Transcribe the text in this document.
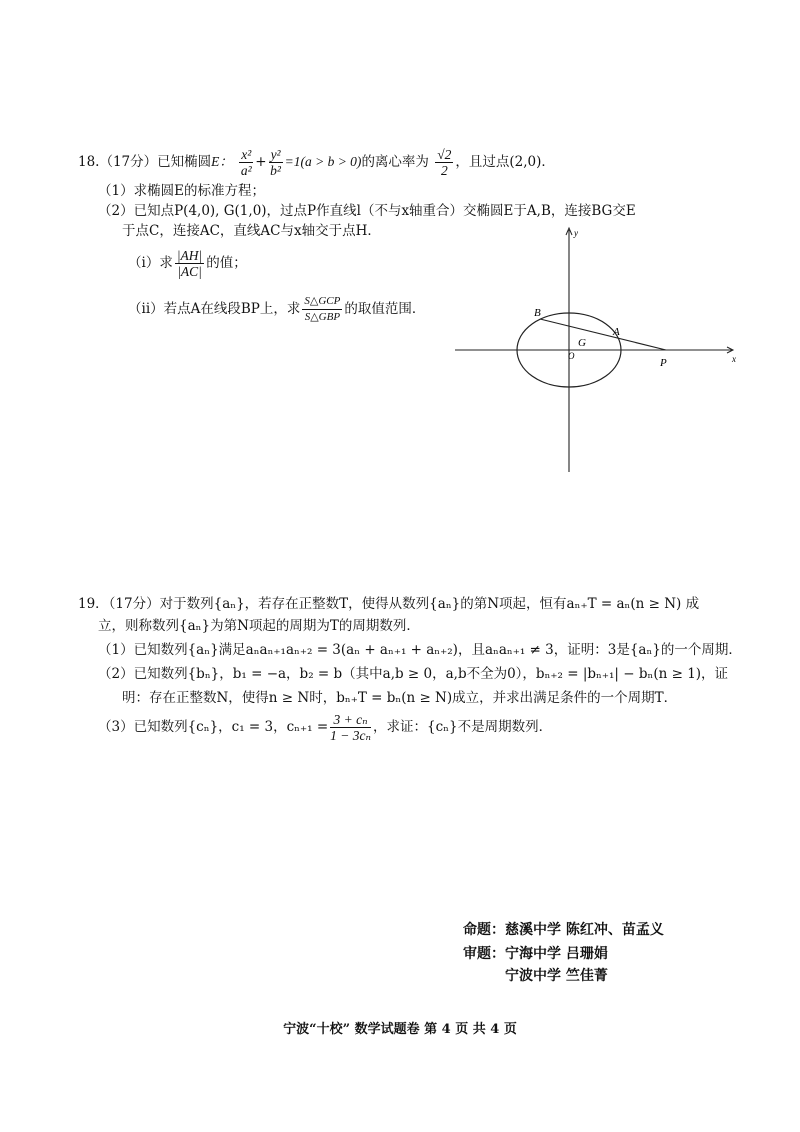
18.（17分）已知椭圆E： $\frac{\text{x²}}{\text{a²}} + \frac{\text{y²}}{\text{b²}} =1(a > b > 0)$的离心率为 $\frac{√2}{2}$ ，且过点(2,0)．
（1）求椭圆E的标准方程；
（2）已知点P(4,0), G(1,0)，过点P作直线l（不与x轴重合）交椭圆E于A,B，连接BG交E
于点C，连接AC，直线AC与x轴交于点H．
（i）求 $\frac{|AH|}{|AC|}$ 的值；
（ii）若点A在线段BP上，求 $\frac{\text{S△GCP}}{\text{S△GBP}}$ 的取值范围．
y
x
O
B
A
G
P
19．（17分）对于数列{aₙ}，若存在正整数T，使得从数列{aₙ}的第N项起，恒有aₙ₊T = aₙ(n ≥ N) 成
立，则称数列{aₙ}为第N项起的周期为T的周期数列．
（1）已知数列{aₙ}满足aₙaₙ₊₁aₙ₊₂ = 3(aₙ + aₙ₊₁ + aₙ₊₂)，且aₙaₙ₊₁ ≠ 3，证明：3是{aₙ}的一个周期．
（2）已知数列{bₙ}，b₁ = −a，b₂ = b（其中a,b ≥ 0，a,b不全为0），bₙ₊₂ = |bₙ₊₁| − bₙ(n ≥ 1)，证
明：存在正整数N，使得n ≥ N时，bₙ₊T = bₙ(n ≥ N)成立，并求出满足条件的一个周期T．
（3）已知数列{cₙ}，c₁ = 3，$c_{n+1} = \frac{\text{3 + cₙ}}{\text{1 − 3cₙ}}$ ，求证：{cₙ}不是周期数列．
命题：慈溪中学 陈红冲、苗孟义
审题：宁海中学 吕珊娟
宁波中学 竺佳菁
宁波“十校” 数学试题卷 第 4 页 共 4 页
